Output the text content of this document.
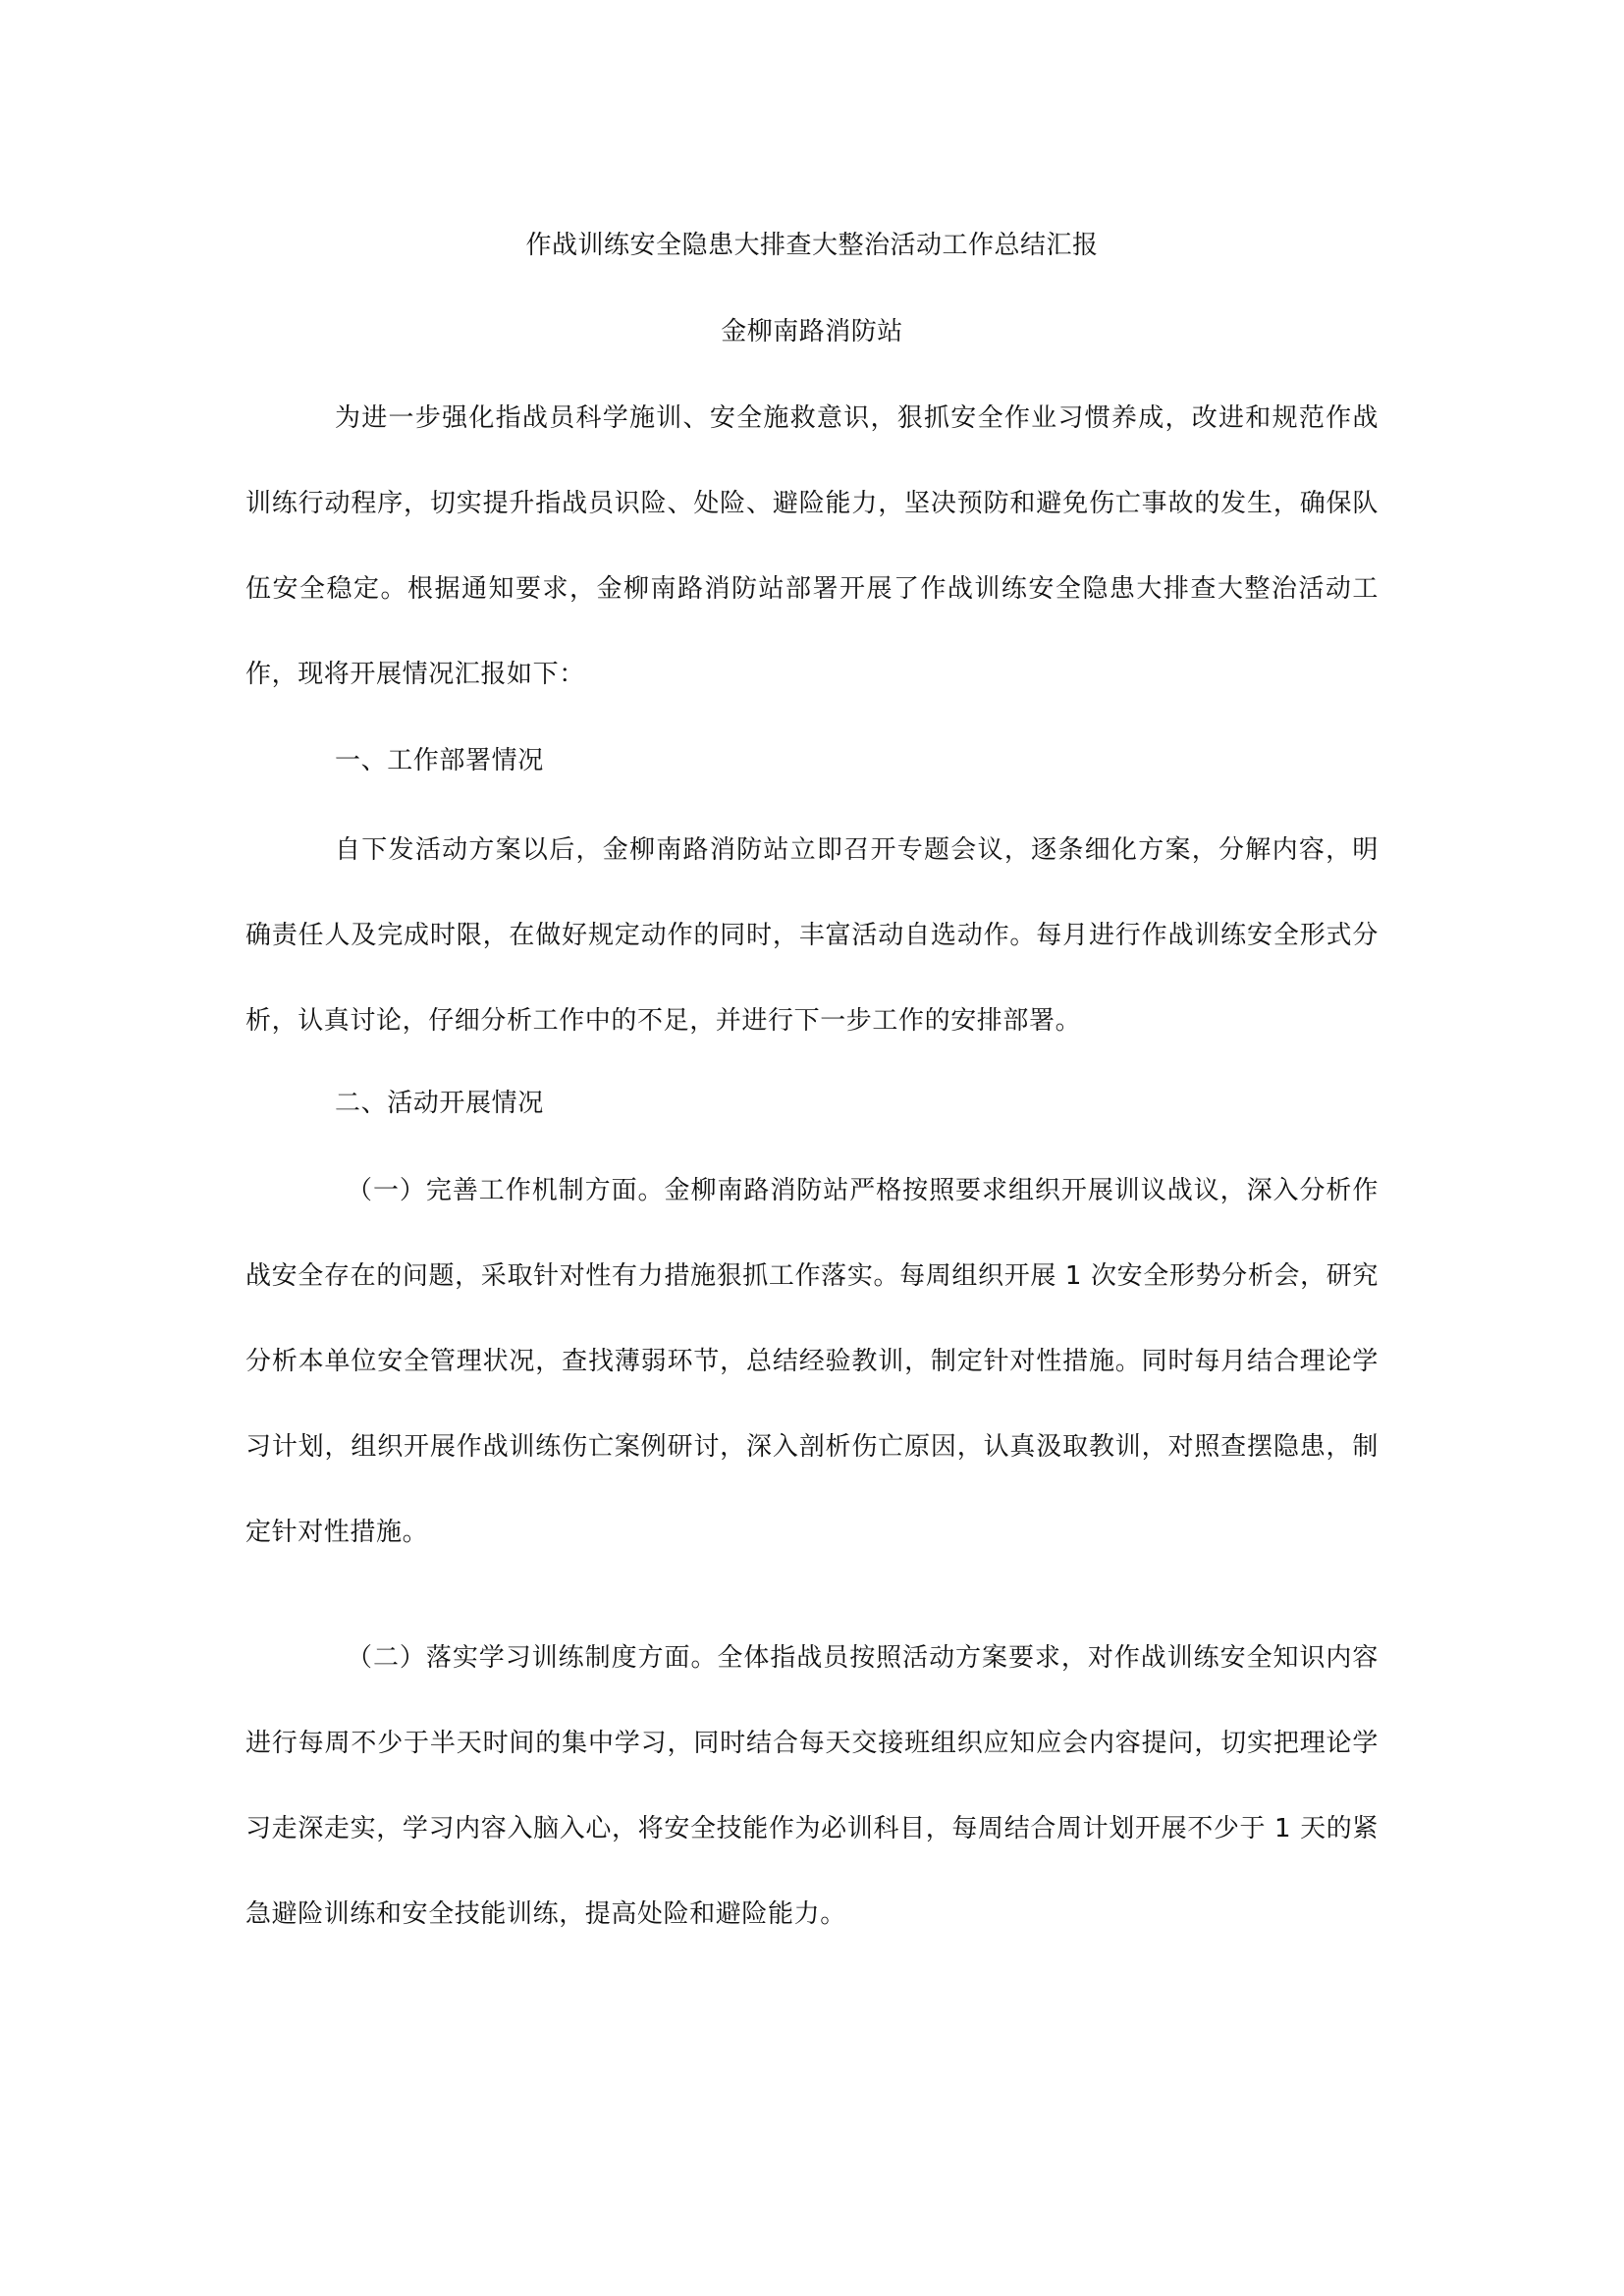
作战训练安全隐患大排查大整治活动工作总结汇报
金柳南路消防站

为进一步强化指战员科学施训、安全施救意识，狠抓安全作业习惯养成，改进和规范作战训练行动程序，切实提升指战员识险、处险、避险能力，坚决预防和避免伤亡事故的发生，确保队伍安全稳定。根据通知要求，金柳南路消防站部署开展了作战训练安全隐患大排查大整治活动工作，现将开展情况汇报如下：

一、工作部署情况

自下发活动方案以后，金柳南路消防站立即召开专题会议，逐条细化方案，分解内容，明确责任人及完成时限，在做好规定动作的同时，丰富活动自选动作。每月进行作战训练安全形式分析，认真讨论，仔细分析工作中的不足，并进行下一步工作的安排部署。

二、活动开展情况

（一）完善工作机制方面。金柳南路消防站严格按照要求组织开展训议战议，深入分析作战安全存在的问题，采取针对性有力措施狠抓工作落实。每周组织开展 1 次安全形势分析会，研究分析本单位安全管理状况，查找薄弱环节，总结经验教训，制定针对性措施。同时每月结合理论学习计划，组织开展作战训练伤亡案例研讨，深入剖析伤亡原因，认真汲取教训，对照查摆隐患，制定针对性措施。

（二）落实学习训练制度方面。全体指战员按照活动方案要求，对作战训练安全知识内容进行每周不少于半天时间的集中学习，同时结合每天交接班组织应知应会内容提问，切实把理论学习走深走实，学习内容入脑入心，将安全技能作为必训科目，每周结合周计划开展不少于 1 天的紧急避险训练和安全技能训练，提高处险和避险能力。
